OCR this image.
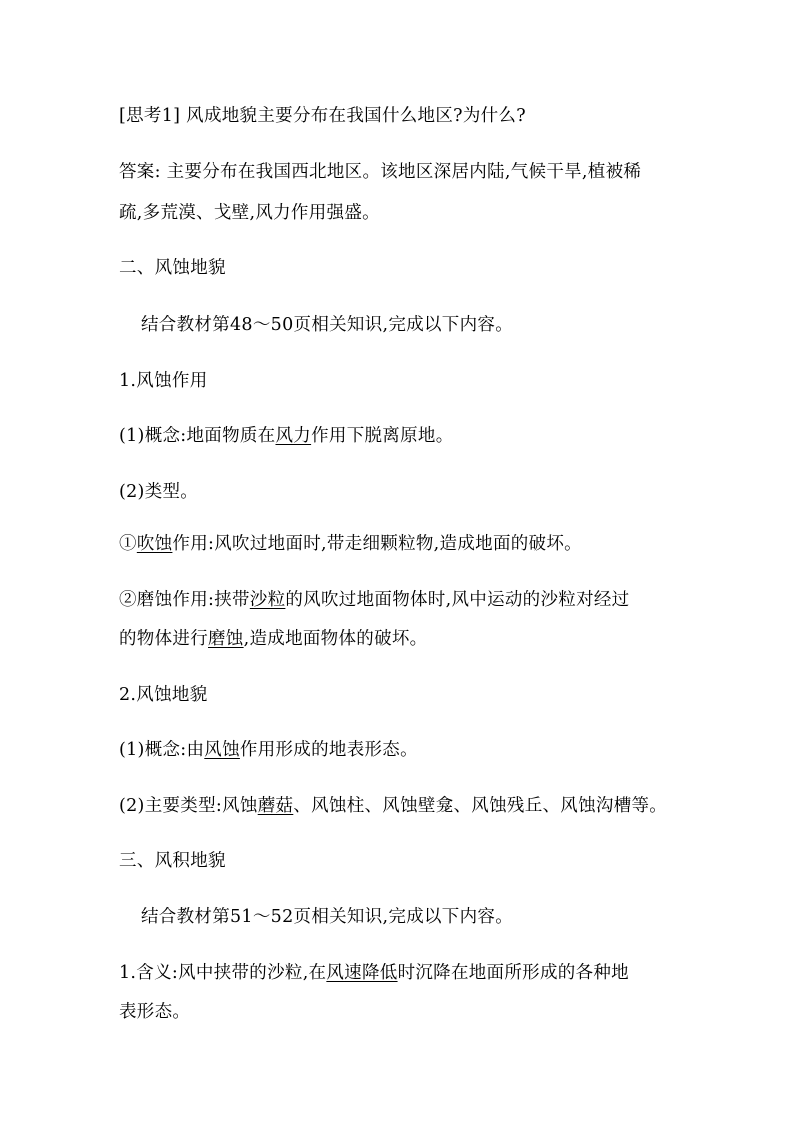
[思考1] 风成地貌主要分布在我国什么地区?为什么?
答案: 主要分布在我国西北地区。该地区深居内陆,气候干旱,植被稀
疏,多荒漠、戈壁,风力作用强盛。
二、风蚀地貌
结合教材第48～50页相关知识,完成以下内容。
1.风蚀作用
(1)概念:地面物质在风力作用下脱离原地。
(2)类型。
①吹蚀作用:风吹过地面时,带走细颗粒物,造成地面的破坏。
②磨蚀作用:挟带沙粒的风吹过地面物体时,风中运动的沙粒对经过
的物体进行磨蚀,造成地面物体的破坏。
2.风蚀地貌
(1)概念:由风蚀作用形成的地表形态。
(2)主要类型:风蚀蘑菇、风蚀柱、风蚀壁龛、风蚀残丘、风蚀沟槽等。
三、风积地貌
结合教材第51～52页相关知识,完成以下内容。
1.含义:风中挟带的沙粒,在风速降低时沉降在地面所形成的各种地
表形态。
